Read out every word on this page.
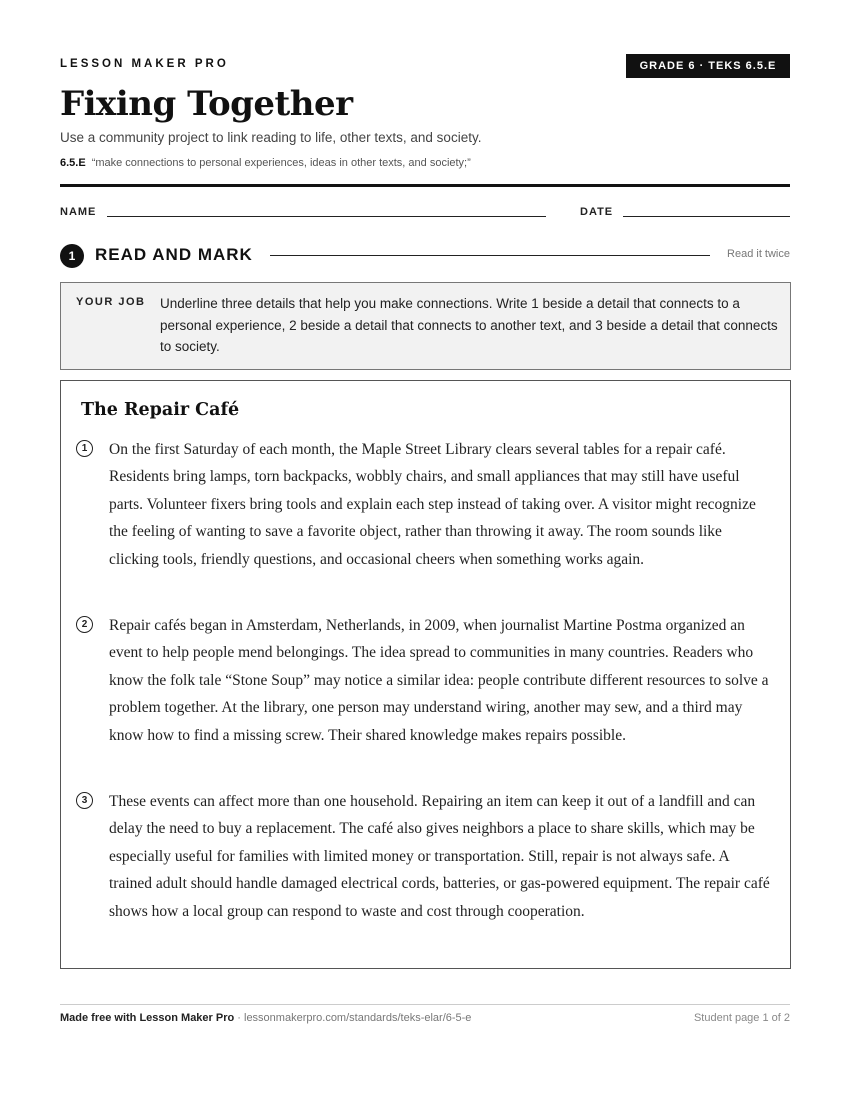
LESSON MAKER PRO	GRADE 6 · TEKS 6.5.E
Fixing Together
Use a community project to link reading to life, other texts, and society.
6.5.E “make connections to personal experiences, ideas in other texts, and society;”
NAME	DATE
1	READ AND MARK	Read it twice
YOUR JOB Underline three details that help you make connections. Write 1 beside a detail that connects to a personal experience, 2 beside a detail that connects to another text, and 3 beside a detail that connects to society.
The Repair Café
1	On the first Saturday of each month, the Maple Street Library clears several tables for a repair café. Residents bring lamps, torn backpacks, wobbly chairs, and small appliances that may still have useful parts. Volunteer fixers bring tools and explain each step instead of taking over. A visitor might recognize the feeling of wanting to save a favorite object, rather than throwing it away. The room sounds like clicking tools, friendly questions, and occasional cheers when something works again.
2	Repair cafés began in Amsterdam, Netherlands, in 2009, when journalist Martine Postma organized an event to help people mend belongings. The idea spread to communities in many countries. Readers who know the folk tale “Stone Soup” may notice a similar idea: people contribute different resources to solve a problem together. At the library, one person may understand wiring, another may sew, and a third may know how to find a missing screw. Their shared knowledge makes repairs possible.
3	These events can affect more than one household. Repairing an item can keep it out of a landfill and can delay the need to buy a replacement. The café also gives neighbors a place to share skills, which may be especially useful for families with limited money or transportation. Still, repair is not always safe. A trained adult should handle damaged electrical cords, batteries, or gas-powered equipment. The repair café shows how a local group can respond to waste and cost through cooperation.
Made free with Lesson Maker Pro · lessonmakerpro.com/standards/teks-elar/6-5-e	Student page 1 of 2
